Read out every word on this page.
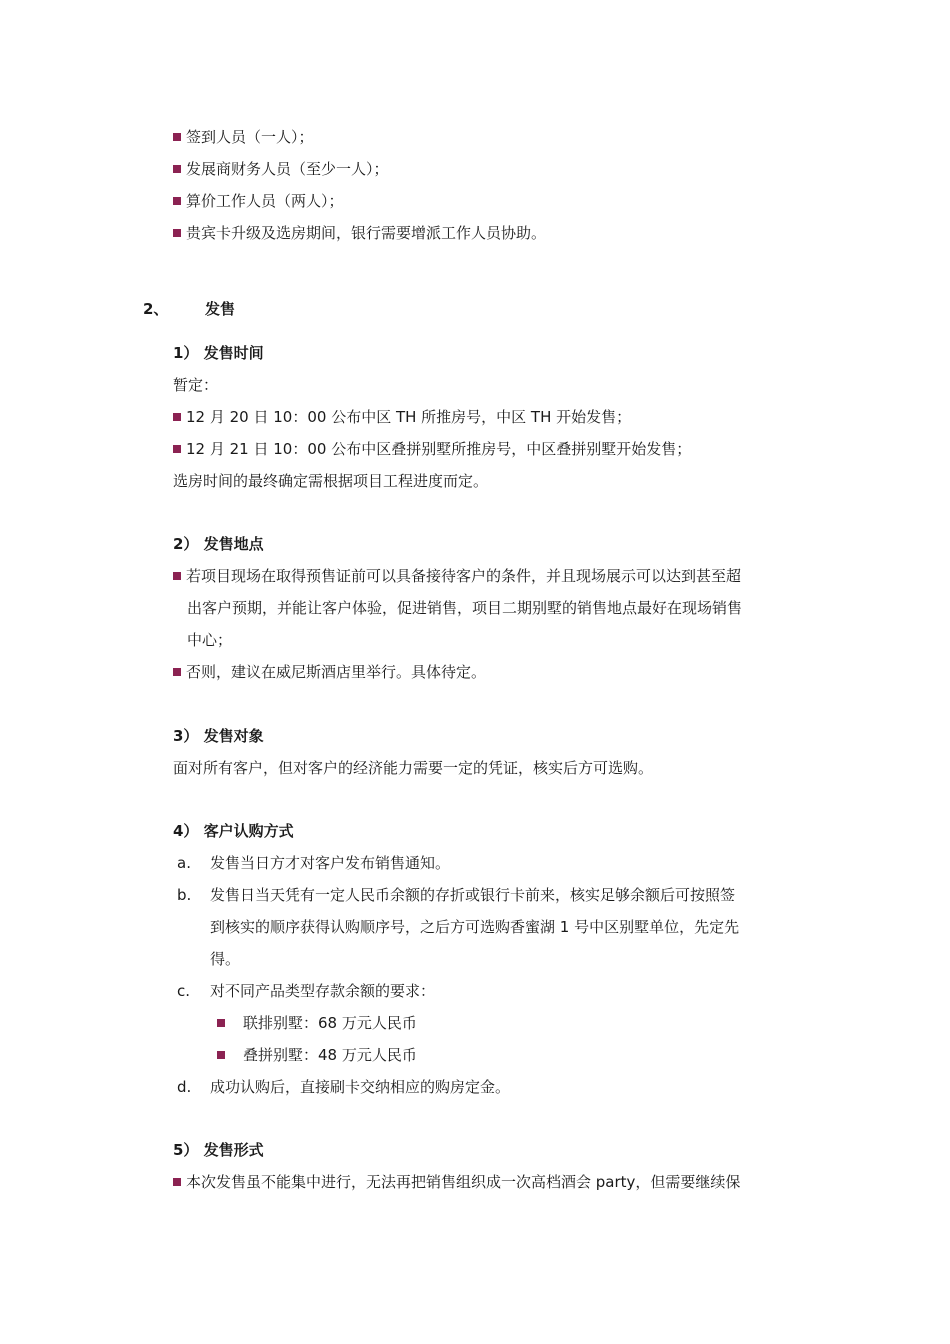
签到人员（一人）；
发展商财务人员（至少一人）；
算价工作人员（两人）；
贵宾卡升级及选房期间，银行需要增派工作人员协助。
2、 发售
1） 发售时间
暂定：
12 月 20 日 10：00 公布中区 TH 所推房号，中区 TH 开始发售；
12 月 21 日 10：00 公布中区叠拼别墅所推房号，中区叠拼别墅开始发售；
选房时间的最终确定需根据项目工程进度而定。
2） 发售地点
若项目现场在取得预售证前可以具备接待客户的条件，并且现场展示可以达到甚至超
出客户预期，并能让客户体验，促进销售，项目二期别墅的销售地点最好在现场销售
中心；
否则，建议在威尼斯酒店里举行。具体待定。
3） 发售对象
面对所有客户，但对客户的经济能力需要一定的凭证，核实后方可选购。
4） 客户认购方式
a. 发售当日方才对客户发布销售通知。
b. 发售日当天凭有一定人民币余额的存折或银行卡前来，核实足够余额后可按照签
到核实的顺序获得认购顺序号，之后方可选购香蜜湖 1 号中区别墅单位，先定先
得。
c. 对不同产品类型存款余额的要求：
联排别墅：68 万元人民币
叠拼别墅：48 万元人民币
d. 成功认购后，直接刷卡交纳相应的购房定金。
5） 发售形式
本次发售虽不能集中进行，无法再把销售组织成一次高档酒会 party，但需要继续保
